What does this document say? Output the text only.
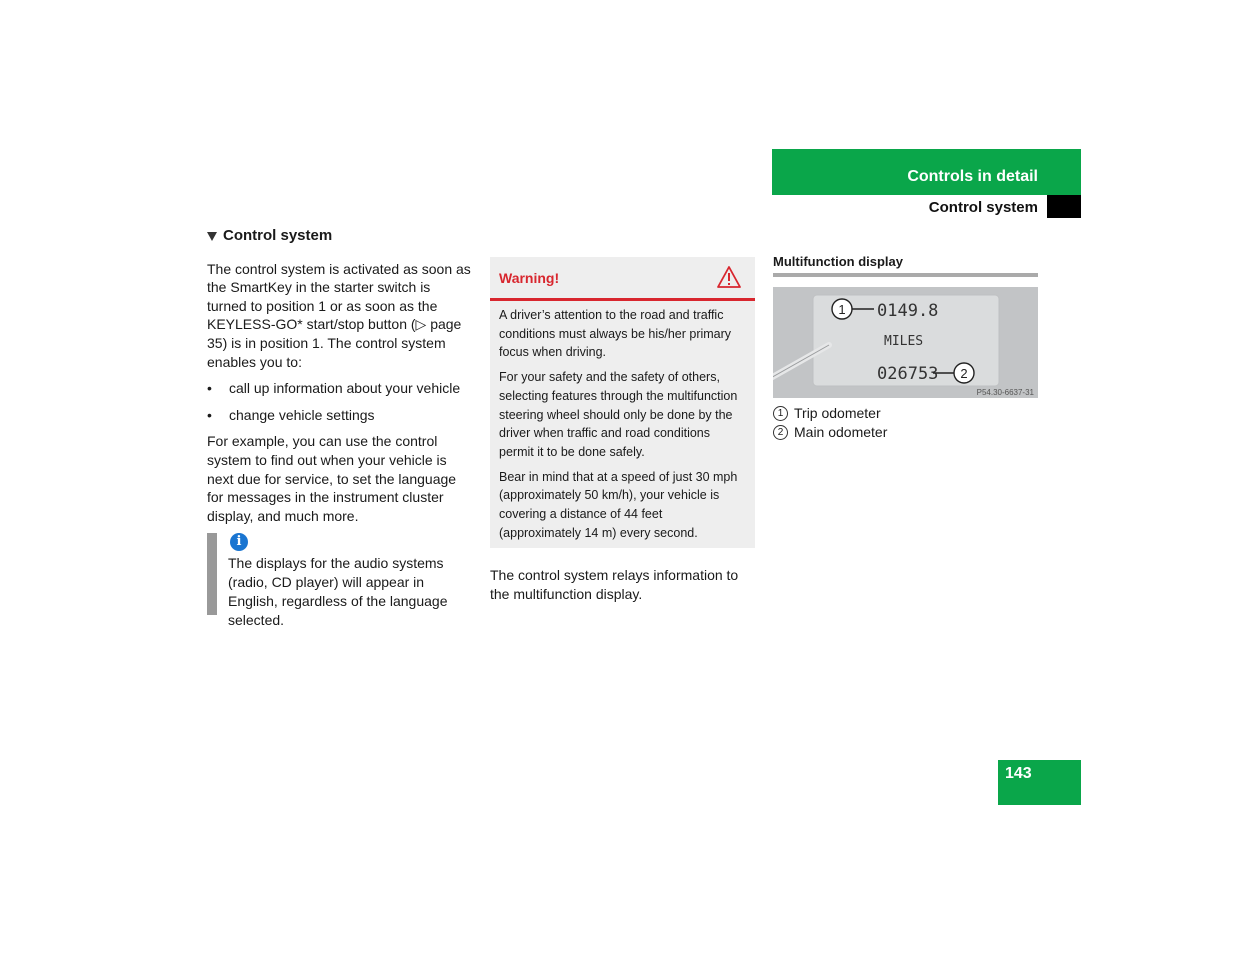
Controls in detail
Control system
Control system

The control system is activated as soon as the SmartKey in the starter switch is turned to position 1 or as soon as the KEYLESS-GO* start/stop button (▷ page 35) is in position 1. The control system enables you to:

•	call up information about your vehicle
•	change vehicle settings

For example, you can use the control system to find out when your vehicle is next due for service, to set the language for messages in the instrument cluster display, and much more.

i
The displays for the audio systems (radio, CD player) will appear in English, regardless of the language selected.
Warning!

A driver’s attention to the road and traffic conditions must always be his/her primary focus when driving.

For your safety and the safety of others, selecting features through the multifunction steering wheel should only be done by the driver when traffic and road conditions permit it to be done safely.

Bear in mind that at a speed of just 30 mph (approximately 50 km/h), your vehicle is covering a distance of 44 feet (approximately 14 m) every second.

The control system relays information to the multifunction display.
Multifunction display
1 0149.8
MILES
026753 2
P54.30-6637-31
1 Trip odometer
2 Main odometer
143
